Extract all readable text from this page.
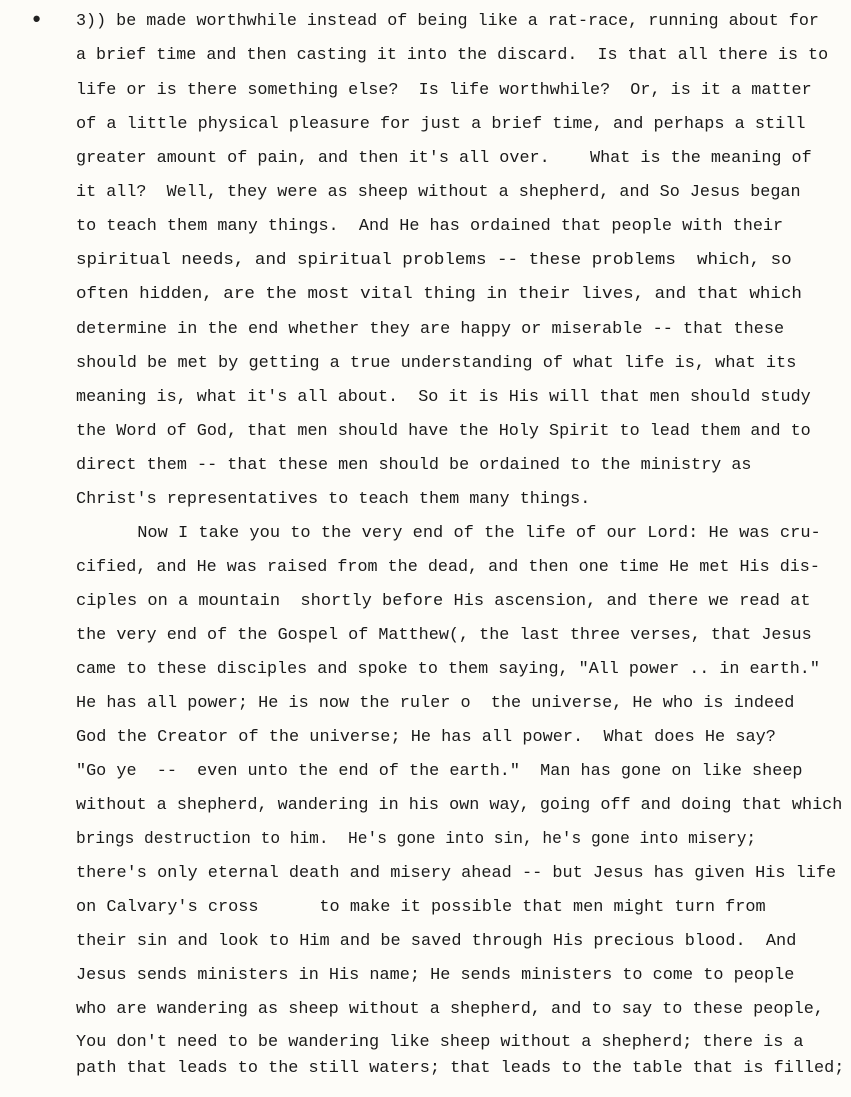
• 3)) be made worthwhile instead of being like a rat-race, running about for
a brief time and then casting it into the discard.  Is that all there is to
life or is there something else?  Is life worthwhile?  Or, is it a matter
of a little physical pleasure for just a brief time, and perhaps a still
greater amount of pain, and then it's all over.    What is the meaning of
it all?  Well, they were as sheep without a shepherd, and So Jesus began
to teach them many things.  And He has ordained that people with their
spiritual needs, and spiritual problems -- these problems  which, so
often hidden, are the most vital thing in their lives, and that which
determine in the end whether they are happy or miserable -- that these
should be met by getting a true understanding of what life is, what its
meaning is, what it's all about.  So it is His will that men should study
the Word of God, that men should have the Holy Spirit to lead them and to
direct them -- that these men should be ordained to the ministry as
Christ's representatives to teach them many things.
Now I take you to the very end of the life of our Lord: He was cru-
cified, and He was raised from the dead, and then one time He met His dis-
ciples on a mountain  shortly before His ascension, and there we read at
the very end of the Gospel of Matthew(, the last three verses, that Jesus
came to these disciples and spoke to them saying, "All power .. in earth."
He has all power; He is now the ruler o  the universe, He who is indeed
God the Creator of the universe; He has all power.  What does He say?
"Go ye  --  even unto the end of the earth."  Man has gone on like sheep
without a shepherd, wandering in his own way, going off and doing that which
brings destruction to him.  He's gone into sin, he's gone into misery;
there's only eternal death and misery ahead -- but Jesus has given His life
on Calvary's cross      to make it possible that men might turn from
their sin and look to Him and be saved through His precious blood.  And
Jesus sends ministers in His name; He sends ministers to come to people
who are wandering as sheep without a shepherd, and to say to these people,
You don't need to be wandering like sheep without a shepherd; there is a
path that leads to the still waters; that leads to the table that is filled;
